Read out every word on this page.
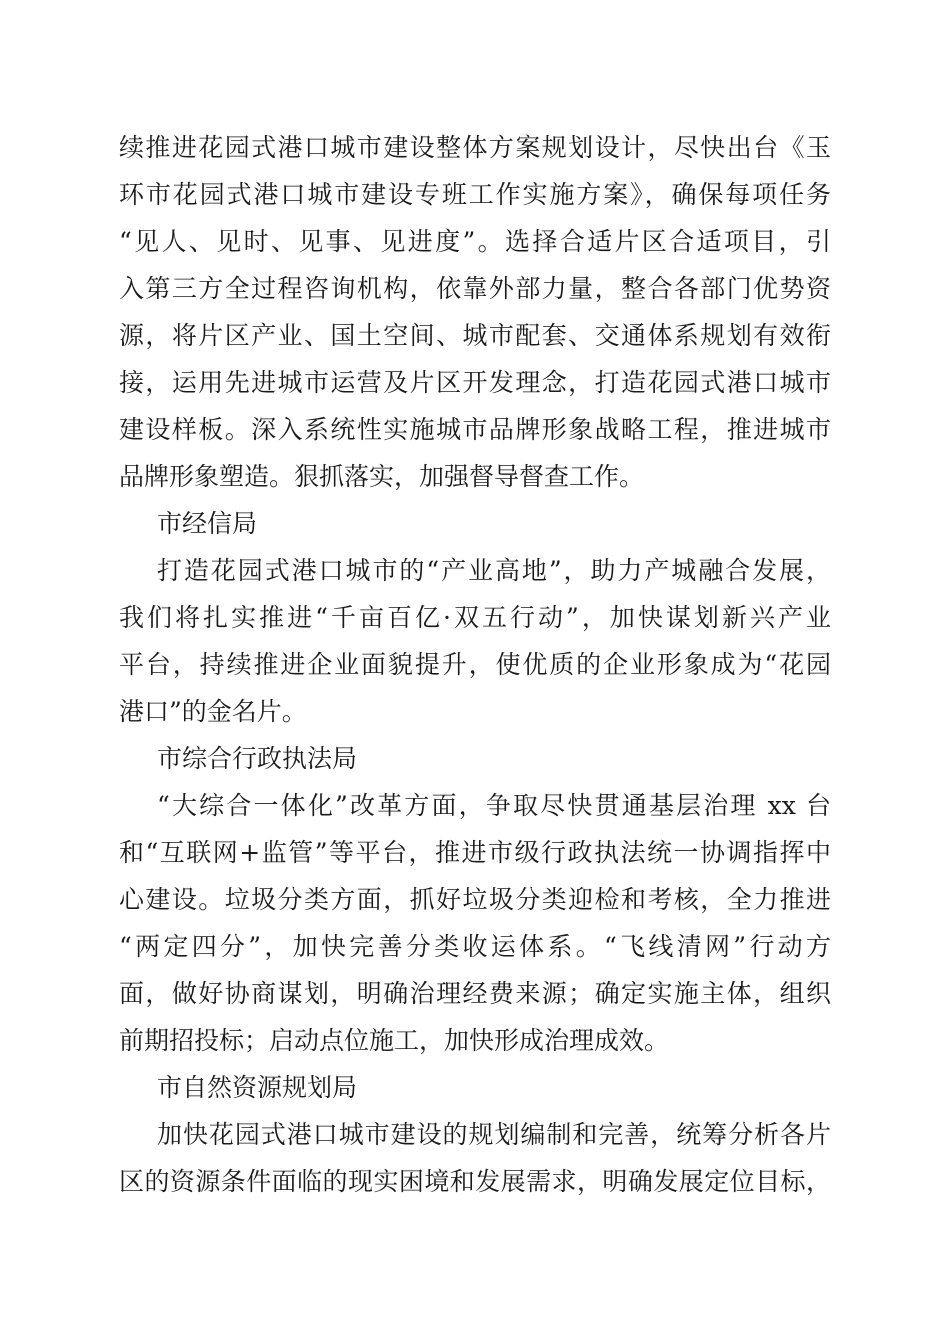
续推进花园式港口城市建设整体方案规划设计，尽快出台《玉
环市花园式港口城市建设专班工作实施方案》，确保每项任务
“见人、见时、见事、见进度”。选择合适片区合适项目，引
入第三方全过程咨询机构，依靠外部力量，整合各部门优势资
源，将片区产业、国土空间、城市配套、交通体系规划有效衔
接，运用先进城市运营及片区开发理念，打造花园式港口城市
建设样板。深入系统性实施城市品牌形象战略工程，推进城市
品牌形象塑造。狠抓落实，加强督导督查工作。
市经信局
打造花园式港口城市的“产业高地”，助力产城融合发展，
我们将扎实推进“千亩百亿·双五行动”，加快谋划新兴产业
平台，持续推进企业面貌提升，使优质的企业形象成为“花园
港口”的金名片。
市综合行政执法局
“大综合一体化”改革方面，争取尽快贯通基层治理 xx 台
和“互联网+监管”等平台，推进市级行政执法统一协调指挥中
心建设。垃圾分类方面，抓好垃圾分类迎检和考核，全力推进
“两定四分”，加快完善分类收运体系。“飞线清网”行动方
面，做好协商谋划，明确治理经费来源；确定实施主体，组织
前期招投标；启动点位施工，加快形成治理成效。
市自然资源规划局
加快花园式港口城市建设的规划编制和完善，统筹分析各片
区的资源条件面临的现实困境和发展需求，明确发展定位目标，
